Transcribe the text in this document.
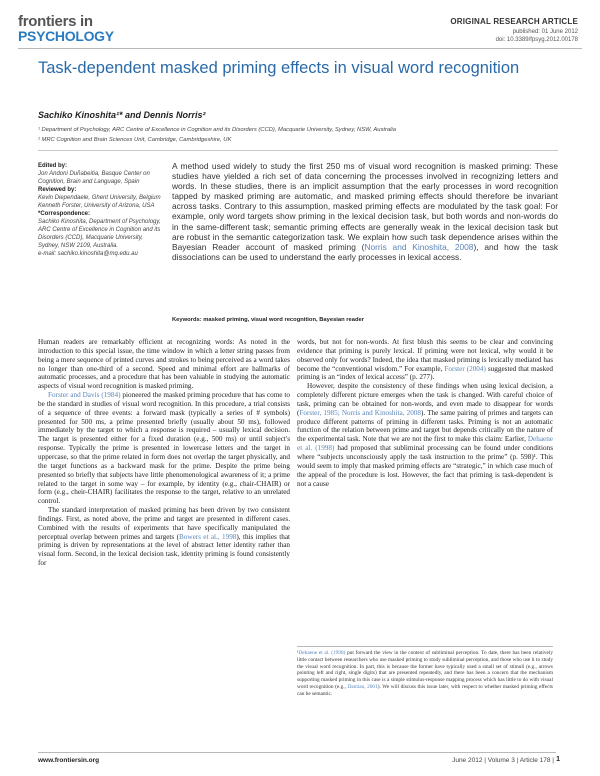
frontiers in
PSYCHOLOGY
ORIGINAL RESEARCH ARTICLE
published: 01 June 2012
doi: 10.3389/fpsyg.2012.00178
Task-dependent masked priming effects in visual word recognition
Sachiko Kinoshita¹* and Dennis Norris²
¹ Department of Psychology, ARC Centre of Excellence in Cognition and its Disorders (CCD), Macquarie University, Sydney, NSW, Australia
² MRC Cognition and Brain Sciences Unit, Cambridge, Cambridgeshire, UK
Edited by:
Jon Andoni Duñabeitia, Basque Center on Cognition, Brain and Language, Spain
Reviewed by:
Kevin Diependaele, Ghent University, Belgium
Kenneth Forster, University of Arizona, USA
*Correspondence:
Sachiko Kinoshita, Department of Psychology, ARC Centre of Excellence in Cognition and its Disorders (CCD), Macquarie University, Sydney, NSW 2109, Australia.
e-mail: sachiko.kinoshita@mq.edu.au

A method used widely to study the first 250 ms of visual word recognition is masked priming: These studies have yielded a rich set of data concerning the processes involved in recognizing letters and words. In these studies, there is an implicit assumption that the early processes in word recognition tapped by masked priming are automatic, and masked priming effects should therefore be invariant across tasks. Contrary to this assumption, masked priming effects are modulated by the task goal: For example, only word targets show priming in the lexical decision task, but both words and non-words do in the same-different task; semantic priming effects are generally weak in the lexical decision task but are robust in the semantic categorization task. We explain how such task dependence arises within the Bayesian Reader account of masked priming (Norris and Kinoshita, 2008), and how the task dissociations can be used to understand the early processes in lexical access.

Keywords: masked priming, visual word recognition, Bayesian reader

Human readers are remarkably efficient at recognizing words: As noted in the introduction to this special issue, the time window in which a letter string passes from being a mere sequence of printed curves and strokes to being perceived as a word takes no longer than one-third of a second. Speed and minimal effort are hallmarks of automatic processes, and a procedure that has been valuable in studying the automatic aspects of visual word recognition is masked priming.

Forster and Davis (1984) pioneered the masked priming procedure that has come to be the standard in studies of visual word recognition. In this procedure, a trial consists of a sequence of three events: a forward mask (typically a series of # symbols) presented for 500 ms, a prime presented briefly (usually about 50 ms), followed immediately by the target to which a response is required – usually lexical decision. The target is presented either for a fixed duration (e.g., 500 ms) or until subject's response. Typically the prime is presented in lowercase letters and the target in uppercase, so that the prime related in form does not overlap the target physically, and the target functions as a backward mask for the prime. Despite the prime being presented so briefly that subjects have little phenomenological awareness of it; a prime related to the target in some way – for example, by identity (e.g., chair-CHAIR) or form (e.g., cheir-CHAIR) facilitates the response to the target, relative to an unrelated control.

The standard interpretation of masked priming has been driven by two consistent findings. First, as noted above, the prime and target are presented in different cases. Combined with the results of experiments that have specifically manipulated the perceptual overlap between primes and targets (Bowers et al., 1998), this implies that priming is driven by representations at the level of abstract letter identity rather than visual form. Second, in the lexical decision task, identity priming is found consistently for

words, but not for non-words. At first blush this seems to be clear and convincing evidence that priming is purely lexical. If priming were not lexical, why would it be observed only for words? Indeed, the idea that masked priming is lexically mediated has become the “conventional wisdom.” For example, Forster (2004) suggested that masked priming is an “index of lexical access” (p. 277).

However, despite the consistency of these findings when using lexical decision, a completely different picture emerges when the task is changed. With careful choice of task, priming can be obtained for non-words, and even made to disappear for words (Forster, 1985; Norris and Kinoshita, 2008). The same pairing of primes and targets can produce different patterns of priming in different tasks. Priming is not an automatic function of the relation between prime and target but depends critically on the nature of the experimental task. Note that we are not the first to make this claim: Earlier, Dehaene et al. (1998) had proposed that subliminal processing can be found under conditions where “subjects unconsciously apply the task instruction to the prime” (p. 598)¹. This would seem to imply that masked priming effects are “strategic,” in which case much of the appeal of the procedure is lost. However, the fact that priming is task-dependent is not a cause

¹Dehaene et al. (1998) put forward the view in the context of subliminal perception. To date, there has been relatively little contact between researchers who use masked priming to study subliminal perception, and those who use it to study the visual word recognition. In part, this is because the former have typically used a small set of stimuli (e.g., arrows pointing left and right, single digits) that are presented repeatedly, and there has been a concern that the mechanism supporting masked priming in this case is a simple stimulus-response mapping process which has little to do with visual word recognition (e.g., Damian, 2001). We will discuss this issue later, with respect to whether masked priming effects can be semantic.

www.frontiersin.org	June 2012 | Volume 3 | Article 178 | 1
